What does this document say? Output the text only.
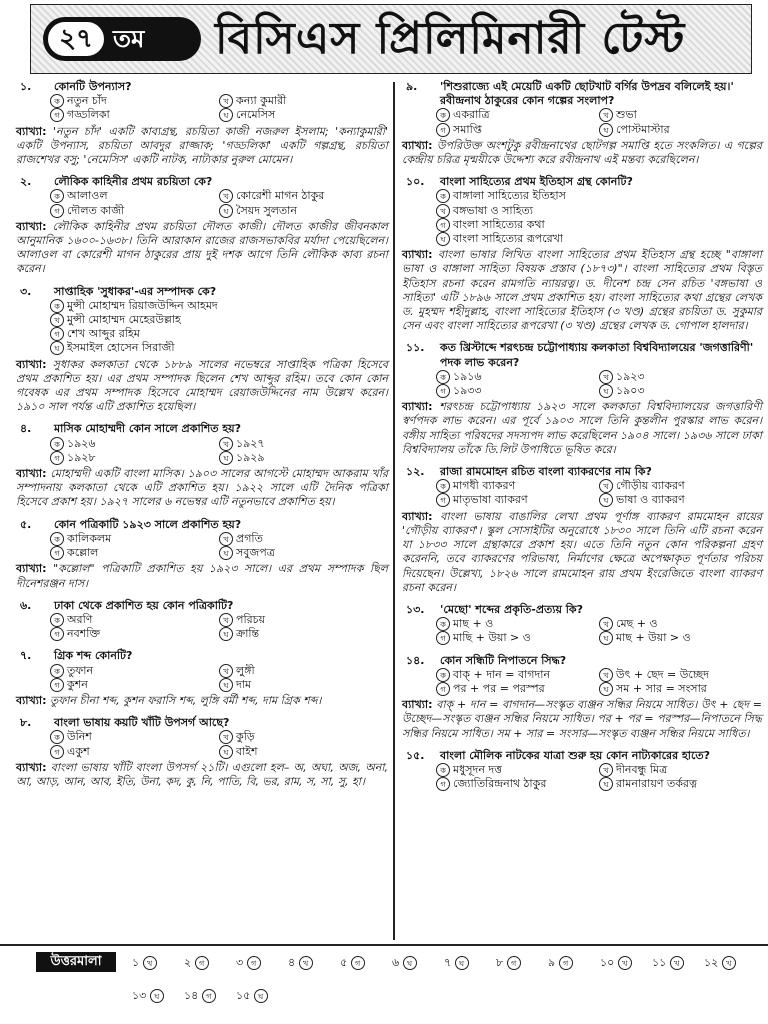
২৭ তম বিসিএস প্রিলিমিনারী টেস্ট
১.	কোনটি উপন্যাস?
ক নতুন চাঁদ	খ কন্যা কুমারী
গ গড্ডলিকা	ঘ নেমেসিস
ব্যাখ্যা: 'নতুন চাঁদ' একটি কাব্যগ্রন্থ, রচয়িতা কাজী নজরুল ইসলাম; 'কন্যাকুমারী' একটি উপন্যাস, রচয়িতা আবদুর রাজ্জাক; 'গড্ডলিকা' একটি গল্পগ্রন্থ, রচয়িতা রাজশেখর বসু; 'নেমেসিস' একটি নাটক, নাট্যকার নুরুল মোমেন।
২.	লৌকিক কাহিনীর প্রথম রচয়িতা কে?
ক আলাওল	খ কোরেশী মাগন ঠাকুর
গ দৌলত কাজী	ঘ সৈয়দ সুলতান
ব্যাখ্যা: লৌকিক কাহিনীর প্রথম রচয়িতা দৌলত কাজী। দৌলত কাজীর জীবনকাল আনুমানিক ১৬০০-১৬৩৮। তিনি আরাকান রাজের রাজসভাকবির মর্যাদা পেয়েছিলেন। আলাওল বা কোরেশী মাগন ঠাকুরের প্রায় দুই দশক আগে তিনি লৌকিক কাব্য রচনা করেন।
৩.	সাপ্তাহিক 'সুধাকর'-এর সম্পাদক কে?
ক মুন্সী মোহাম্মদ রিয়াজউদ্দিন আহমদ
খ মুন্সী মোহাম্মদ মেহেরউল্লাহ
গ শেখ আব্দুর রহিম
ঘ ইসমাইল হোসেন সিরাজী
ব্যাখ্যা: সুধাকর কলকাতা থেকে ১৮৮৯ সালের নভেম্বরে সাপ্তাহিক পত্রিকা হিসেবে প্রথম প্রকাশিত হয়। এর প্রথম সম্পাদক ছিলেন শেখ আব্দুর রহিম। তবে কোন কোন গবেষক এর প্রথম সম্পাদক হিসেবে মোহাম্মদ রেয়াজউদ্দিনের নাম উল্লেখ করেন। ১৯১০ সাল পর্যন্ত এটি প্রকাশিত হয়েছিল।
৪.	মাসিক মোহাম্মদী কোন সালে প্রকাশিত হয়?
ক ১৯২৬	খ ১৯২৭
গ ১৯২৮	ঘ ১৯২৯
ব্যাখ্যা: মোহাম্মদী একটি বাংলা মাসিক। ১৯০৩ সালের আগস্টে মোহাম্মদ আকরাম খাঁর সম্পাদনায় কলকাতা থেকে এটি প্রকাশিত হয়। ১৯২২ সালে এটি দৈনিক পত্রিকা হিসেবে প্রকাশ হয়। ১৯২৭ সালের ৬ নভেম্বর এটি নতুনভাবে প্রকাশিত হয়।
৫.	কোন পত্রিকাটি ১৯২৩ সালে প্রকাশিত হয়?
ক কালিকলম	খ প্রগতি
গ কল্লোল	ঘ সবুজপত্র
ব্যাখ্যা: "কল্লোল" পত্রিকাটি প্রকাশিত হয় ১৯২৩ সালে। এর প্রথম সম্পাদক ছিল দীনেশরঞ্জন দাস।
৬.	ঢাকা থেকে প্রকাশিত হয় কোন পত্রিকাটি?
ক অরণি	খ পরিচয়
গ নবশক্তি	ঘ ক্রান্তি
৭.	গ্রিক শব্দ কোনটি?
ক তুফান	খ লুঙ্গী
গ কুশন	ঘ দাম
ব্যাখ্যা: তুফান চীনা শব্দ, কুশন ফরাসি শব্দ, লুঙ্গি বর্মী শব্দ, দাম গ্রিক শব্দ।
৮.	বাংলা ভাষায় কয়টি খাঁটি উপসর্গ আছে?
ক উনিশ	খ কুড়ি
গ একুশ	ঘ বাইশ
ব্যাখ্যা: বাংলা ভাষায় খাঁটি বাংলা উপসর্গ ২১টি। এগুলো হল– অ, অঘা, অজ, অনা, আ, আড়, আন, আব, ইতি, উনা, কদ, কু, নি, পাতি, বি, ভর, রাম, স, সা, সু, হা।
৯.	'শিশুরাজ্যে এই মেয়েটি একটি ছোটখাট বর্গির উপদ্রব বলিলেই হয়।' রবীন্দ্রনাথ ঠাকুরের কোন গল্পের সংলাপ?
ক একরাত্রি	খ শুভা
গ সমাপ্তি	ঘ পোস্টমাস্টার
ব্যাখ্যা: উপরিউক্ত অংশটুকু রবীন্দ্রনাথের ছোটগল্প সমাপ্তি হতে সংকলিত। এ গল্পের কেন্দ্রীয় চরিত্র মৃন্ময়ীকে উদ্দেশ্য করে রবীন্দ্রনাথ এই মন্তব্য করেছিলেন।
১০.	বাংলা সাহিত্যের প্রথম ইতিহাস গ্রন্থ কোনটি?
ক বাঙ্গালা সাহিত্যের ইতিহাস
খ বঙ্গভাষা ও সাহিত্য
গ বাংলা সাহিত্যের কথা
ঘ বাংলা সাহিত্যের রূপরেখা
ব্যাখ্যা: বাংলা ভাষার লিখিত বাংলা সাহিত্যের প্রথম ইতিহাস গ্রন্থ হচ্ছে "বাঙ্গালা ভাষা ও বাঙ্গালা সাহিত্য বিষয়ক প্রস্তাব (১৮৭৩)"। বাংলা সাহিত্যের প্রথম বিস্তৃত ইতিহাস রচনা করেন রামগতি ন্যায়রত্ন। ড. দীনেশ চন্দ্র সেন রচিত 'বঙ্গভাষা ও সাহিত্য' এটি ১৮৯৬ সালে প্রথম প্রকাশিত হয়। বাংলা সাহিত্যের কথা গ্রন্থের লেখক ড. মুহম্মদ শহীদুল্লাহ, বাংলা সাহিত্যের ইতিহাস (৩ খণ্ড) গ্রন্থের রচয়িতা ড. সুকুমার সেন এবং বাংলা সাহিত্যের রূপরেখা (৩ খণ্ড) গ্রন্থের লেখক ড. গোপাল হালদার।
১১.	কত খ্রিস্টাব্দে শরৎচন্দ্র চট্টোপাধ্যায় কলকাতা বিশ্ববিদ্যালয়ের 'জগত্তারিণী' পদক লাভ করেন?
ক ১৯১৬	খ ১৯২৩
গ ১৯৩৩	ঘ ১৯০৩
ব্যাখ্যা: শরৎচন্দ্র চট্টোপাধ্যায় ১৯২৩ সালে কলকাতা বিশ্ববিদ্যালয়ের জগত্তারিণী স্বর্ণপদক লাভ করেন। এর পূর্বে ১৯০৩ সালে তিনি কুন্তলীন পুরস্কার লাভ করেন। বঙ্গীয় সাহিত্য পরিষদের সদস্যপদ লাভ করেছিলেন ১৯০৪ সালে। ১৯৩৬ সালে ঢাকা বিশ্ববিদ্যালয় তাঁকে ডি.লিট উপাধিতে ভূষিত করে।
১২.	রাজা রামমোহন রচিত বাংলা ব্যাকরণের নাম কি?
ক মাগধী ব্যাকরণ	খ গৌড়ীয় ব্যাকরণ
গ মাতৃভাষা ব্যাকরণ	ঘ ভাষা ও ব্যাকরণ
ব্যাখ্যা: বাংলা ভাষায় বাঙালির লেখা প্রথম পূর্ণাঙ্গ ব্যাকরণ রামমোহন রায়ের 'গৌড়ীয় ব্যাকরণ'। স্কুল সোসাইটির অনুরোধে ১৮৩০ সালে তিনি এটি রচনা করেন যা ১৮৩৩ সালে গ্রন্থাকারে প্রকাশ হয়। এতে তিনি নতুন কোন পরিকল্পনা গ্রহণ করেননি, তবে ব্যাকরণের পরিভাষা, নির্মাণের ক্ষেত্রে অপেক্ষাকৃত পূর্ণতার পরিচয় দিয়েছেন। উল্লেখ্য, ১৮২৬ সালে রামমোহন রায় প্রথম ইংরেজিতে বাংলা ব্যাকরণ রচনা করেন।
১৩.	'মেছো' শব্দের প্রকৃতি-প্রত্যয় কি?
ক মাছ + ও	খ মেছ + ও
গ মাছি + উয়া > ও	ঘ মাছ + উয়া > ও
১৪.	কোন সন্ধিটি নিপাতনে সিদ্ধ?
ক বাক্ + দান = বাগদান	খ উৎ + ছেদ = উচ্ছেদ
গ পর + পর = পরস্পর	ঘ সম + সার = সংসার
ব্যাখ্যা: বাক্ + দান = বাগদান—সংস্কৃত ব্যঞ্জন সন্ধির নিয়মে সাধিত। উৎ + ছেদ = উচ্ছেদ—সংস্কৃত ব্যঞ্জন সন্ধির নিয়মে সাধিত। পর + পর = পরস্পর—নিপাতনে সিদ্ধ সন্ধির নিয়মে সাধিত। সম + সার = সংসার—সংস্কৃত ব্যঞ্জন সন্ধির নিয়মে সাধিত।
১৫.	বাংলা মৌলিক নাটকের যাত্রা শুরু হয় কোন নাট্যকারের হাতে?
ক মধুসূদন দত্ত	খ দীনবন্ধু মিত্র
গ জ্যোতিরিন্দ্রনাথ ঠাকুর	ঘ রামনারায়ণ তর্করত্ন
উত্তরমালা	১ খ	২ গ	৩ গ	৪ খ	৫ গ	৬ ঘ	৭ ঘ	৮ গ	৯ গ	১০ খ	১১ খ	১২ খ
১৩ ঘ	১৪ গ	১৫ ঘ
